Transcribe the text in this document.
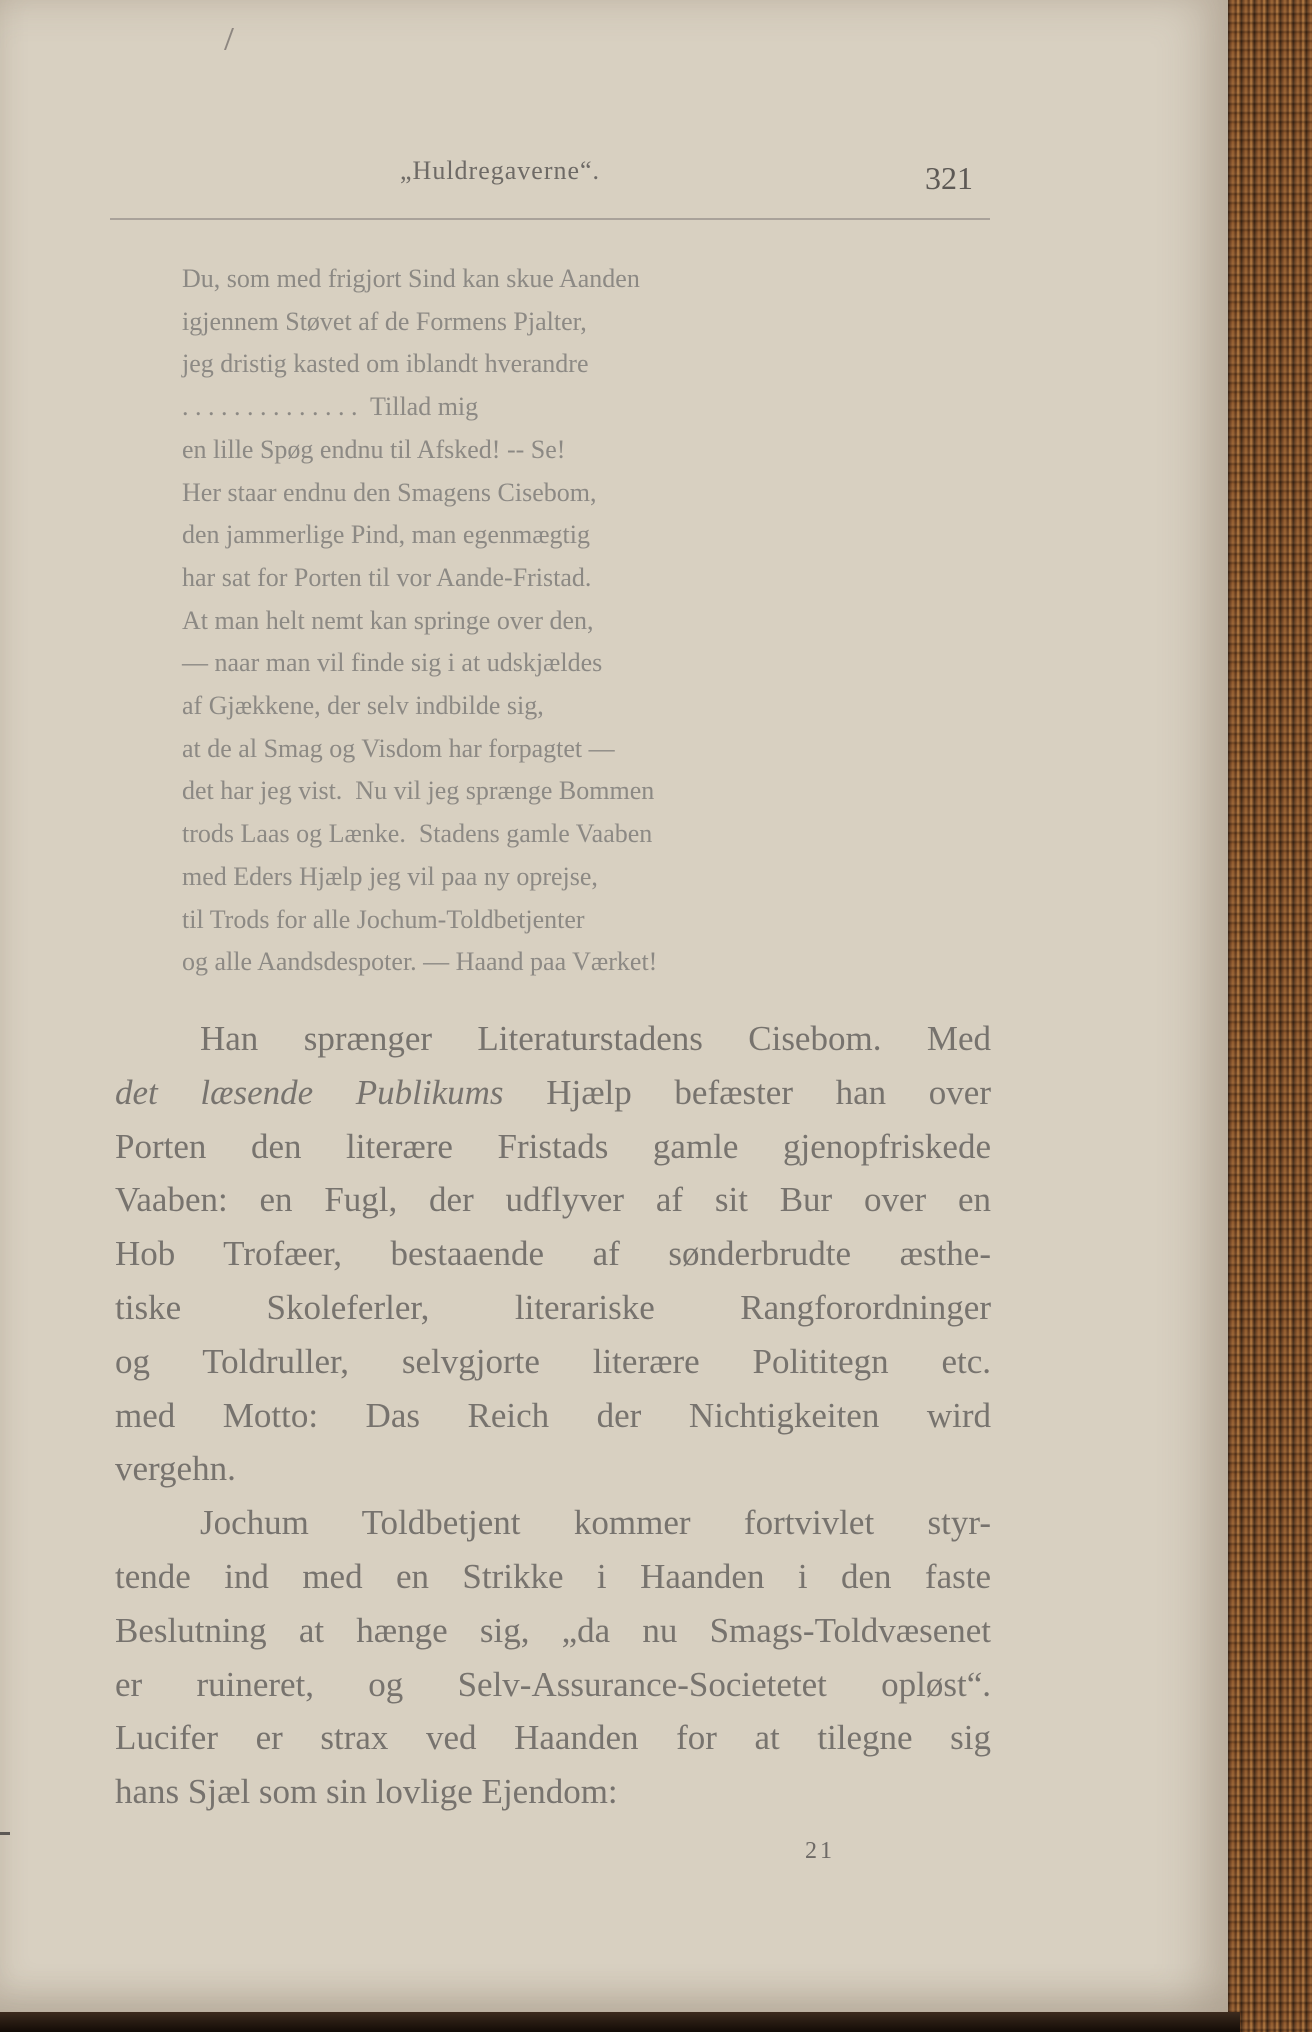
„Huldregaverne“.	321
Du, som med frigjort Sind kan skue Aanden
igjennem Støvet af de Formens Pjalter,
jeg dristig kasted om iblandt hverandre
. . . . . . . . . . . . . .  Tillad mig
en lille Spøg endnu til Afsked! -- Se!
Her staar endnu den Smagens Cisebom,
den jammerlige Pind, man egenmægtig
har sat for Porten til vor Aande-Fristad.
At man helt nemt kan springe over den,
— naar man vil finde sig i at udskjældes
af Gjækkene, der selv indbilde sig,
at de al Smag og Visdom har forpagtet —
det har jeg vist.  Nu vil jeg sprænge Bommen
trods Laas og Lænke.  Stadens gamle Vaaben
med Eders Hjælp jeg vil paa ny oprejse,
til Trods for alle Jochum-Toldbetjenter
og alle Aandsdespoter. — Haand paa Værket!
Han sprænger Literaturstadens Cisebom. Med
det læsende Publikums Hjælp befæster han over
Porten den literære Fristads gamle gjenopfriskede
Vaaben: en Fugl, der udflyver af sit Bur over en
Hob Trofæer, bestaaende af sønderbrudte æsthe-
tiske Skoleferler, literariske Rangforordninger
og Toldruller, selvgjorte literære Polititegn etc.
med Motto: Das Reich der Nichtigkeiten wird
vergehn.
Jochum Toldbetjent kommer fortvivlet styr-
tende ind med en Strikke i Haanden i den faste
Beslutning at hænge sig, „da nu Smags-Toldvæsenet
er ruineret, og Selv-Assurance-Societetet opløst“.
Lucifer er strax ved Haanden for at tilegne sig
hans Sjæl som sin lovlige Ejendom:
21
